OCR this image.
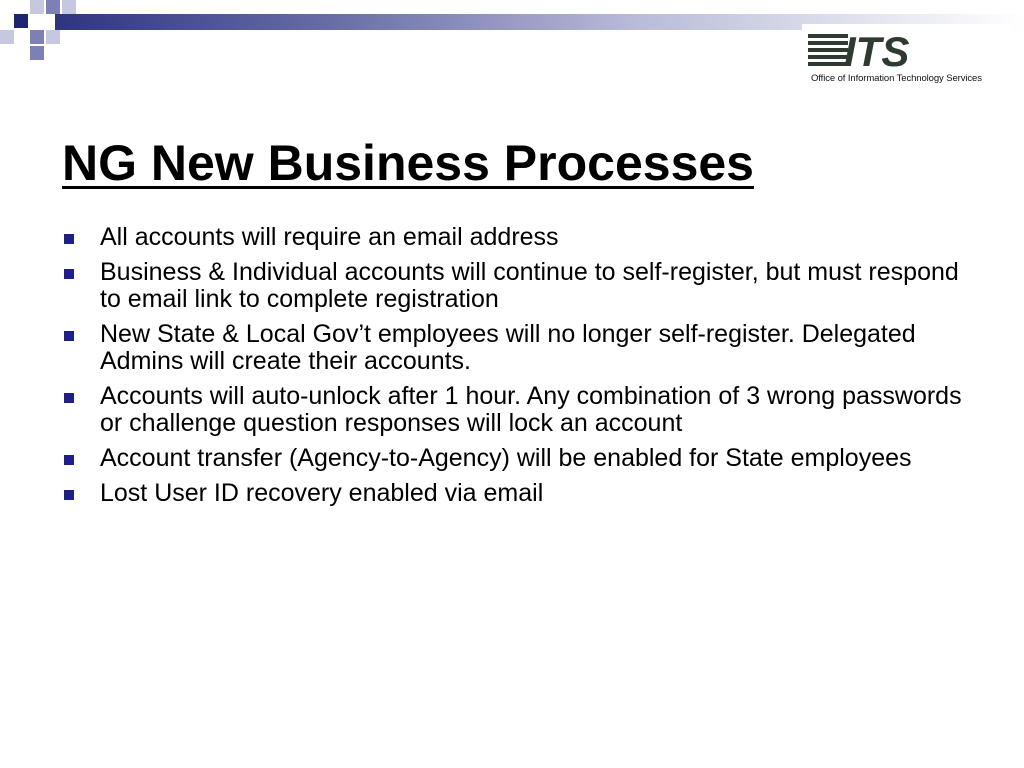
ITS
Office of Information Technology Services
NG New Business Processes
All accounts will require an email address
Business & Individual accounts will continue to self-register, but must respond to email link to complete registration
New State & Local Gov’t employees will no longer self-register. Delegated Admins will create their accounts.
Accounts will auto-unlock after 1 hour. Any combination of 3 wrong passwords or challenge question responses will lock an account
Account transfer (Agency-to-Agency) will be enabled for State employees
Lost User ID recovery enabled via email
